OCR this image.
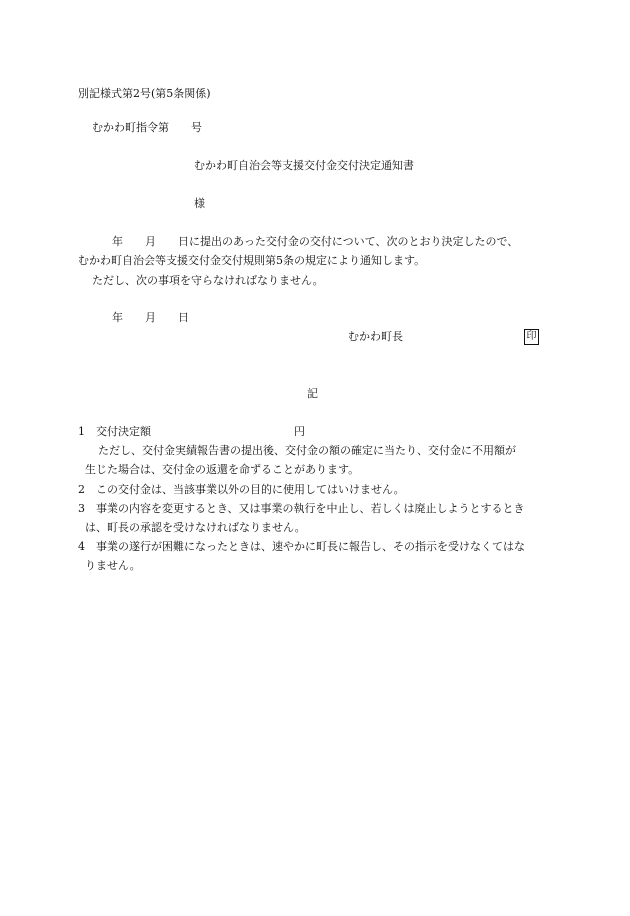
別記様式第2号(第5条関係)

むかわ町指令第　　号

むかわ町自治会等支援交付金交付決定通知書

様

年　　月　　日に提出のあった交付金の交付について、次のとおり決定したので、

むかわ町自治会等支援交付金交付規則第5条の規定により通知します。

ただし、次の事項を守らなければなりません。

年　　月　　日

むかわ町長	印

記

1　交付決定額	円

ただし、交付金実績報告書の提出後、交付金の額の確定に当たり、交付金に不用額が

生じた場合は、交付金の返還を命ずることがあります。

2　この交付金は、当該事業以外の目的に使用してはいけません。

3　事業の内容を変更するとき、又は事業の執行を中止し、若しくは廃止しようとするとき

は、町長の承認を受けなければなりません。

4　事業の遂行が困難になったときは、速やかに町長に報告し、その指示を受けなくてはな

りません。
